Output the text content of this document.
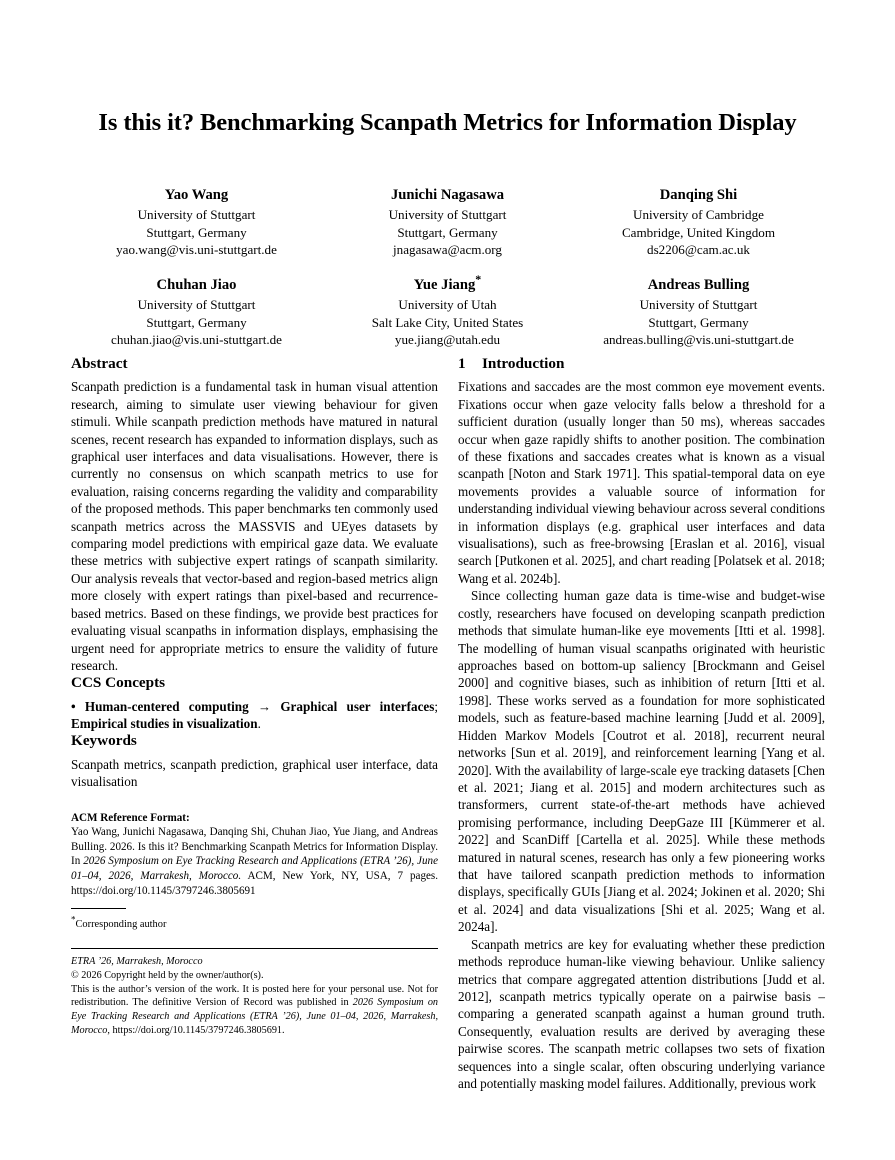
Is this it? Benchmarking Scanpath Metrics for Information Display
Yao Wang
University of Stuttgart
Stuttgart, Germany
yao.wang@vis.uni-stuttgart.de
Junichi Nagasawa
University of Stuttgart
Stuttgart, Germany
jnagasawa@acm.org
Danqing Shi
University of Cambridge
Cambridge, United Kingdom
ds2206@cam.ac.uk
Chuhan Jiao
University of Stuttgart
Stuttgart, Germany
chuhan.jiao@vis.uni-stuttgart.de
Yue Jiang*
University of Utah
Salt Lake City, United States
yue.jiang@utah.edu
Andreas Bulling
University of Stuttgart
Stuttgart, Germany
andreas.bulling@vis.uni-stuttgart.de
Abstract

Scanpath prediction is a fundamental task in human visual attention research, aiming to simulate user viewing behaviour for given stimuli. While scanpath prediction methods have matured in natural scenes, recent research has expanded to information displays, such as graphical user interfaces and data visualisations. However, there is currently no consensus on which scanpath metrics to use for evaluation, raising concerns regarding the validity and comparability of the proposed methods. This paper benchmarks ten commonly used scanpath metrics across the MASSVIS and UEyes datasets by comparing model predictions with empirical gaze data. We evaluate these metrics with subjective expert ratings of scanpath similarity. Our analysis reveals that vector-based and region-based metrics align more closely with expert ratings than pixel-based and recurrence-based metrics. Based on these findings, we provide best practices for evaluating visual scanpaths in information displays, emphasising the urgent need for appropriate metrics to ensure the validity of future research.

CCS Concepts

• Human-centered computing → Graphical user interfaces; Empirical studies in visualization.

Keywords

Scanpath metrics, scanpath prediction, graphical user interface, data visualisation

ACM Reference Format:

Yao Wang, Junichi Nagasawa, Danqing Shi, Chuhan Jiao, Yue Jiang, and Andreas Bulling. 2026. Is this it? Benchmarking Scanpath Metrics for Information Display. In 2026 Symposium on Eye Tracking Research and Applications (ETRA ’26), June 01–04, 2026, Marrakesh, Morocco. ACM, New York, NY, USA, 7 pages. https://doi.org/10.1145/3797246.3805691

*Corresponding author

ETRA ’26, Marrakesh, Morocco

© 2026 Copyright held by the owner/author(s).

This is the author’s version of the work. It is posted here for your personal use. Not for redistribution. The definitive Version of Record was published in 2026 Symposium on Eye Tracking Research and Applications (ETRA ’26), June 01–04, 2026, Marrakesh, Morocco, https://doi.org/10.1145/3797246.3805691.

1 Introduction

Fixations and saccades are the most common eye movement events. Fixations occur when gaze velocity falls below a threshold for a sufficient duration (usually longer than 50 ms), whereas saccades occur when gaze rapidly shifts to another position. The combination of these fixations and saccades creates what is known as a visual scanpath [Noton and Stark 1971]. This spatial-temporal data on eye movements provides a valuable source of information for understanding individual viewing behaviour across several conditions in information displays (e.g. graphical user interfaces and data visualisations), such as free-browsing [Eraslan et al. 2016], visual search [Putkonen et al. 2025], and chart reading [Polatsek et al. 2018; Wang et al. 2024b].

Since collecting human gaze data is time-wise and budget-wise costly, researchers have focused on developing scanpath prediction methods that simulate human-like eye movements [Itti et al. 1998]. The modelling of human visual scanpaths originated with heuristic approaches based on bottom-up saliency [Brockmann and Geisel 2000] and cognitive biases, such as inhibition of return [Itti et al. 1998]. These works served as a foundation for more sophisticated models, such as feature-based machine learning [Judd et al. 2009], Hidden Markov Models [Coutrot et al. 2018], recurrent neural networks [Sun et al. 2019], and reinforcement learning [Yang et al. 2020]. With the availability of large-scale eye tracking datasets [Chen et al. 2021; Jiang et al. 2015] and modern architectures such as transformers, current state-of-the-art methods have achieved promising performance, including DeepGaze III [Kümmerer et al. 2022] and ScanDiff [Cartella et al. 2025]. While these methods matured in natural scenes, research has only a few pioneering works that have tailored scanpath prediction methods to information displays, specifically GUIs [Jiang et al. 2024; Jokinen et al. 2020; Shi et al. 2024] and data visualizations [Shi et al. 2025; Wang et al. 2024a].

Scanpath metrics are key for evaluating whether these prediction methods reproduce human-like viewing behaviour. Unlike saliency metrics that compare aggregated attention distributions [Judd et al. 2012], scanpath metrics typically operate on a pairwise basis – comparing a generated scanpath against a human ground truth. Consequently, evaluation results are derived by averaging these pairwise scores. The scanpath metric collapses two sets of fixation sequences into a single scalar, often obscuring underlying variance and potentially masking model failures. Additionally, previous work
